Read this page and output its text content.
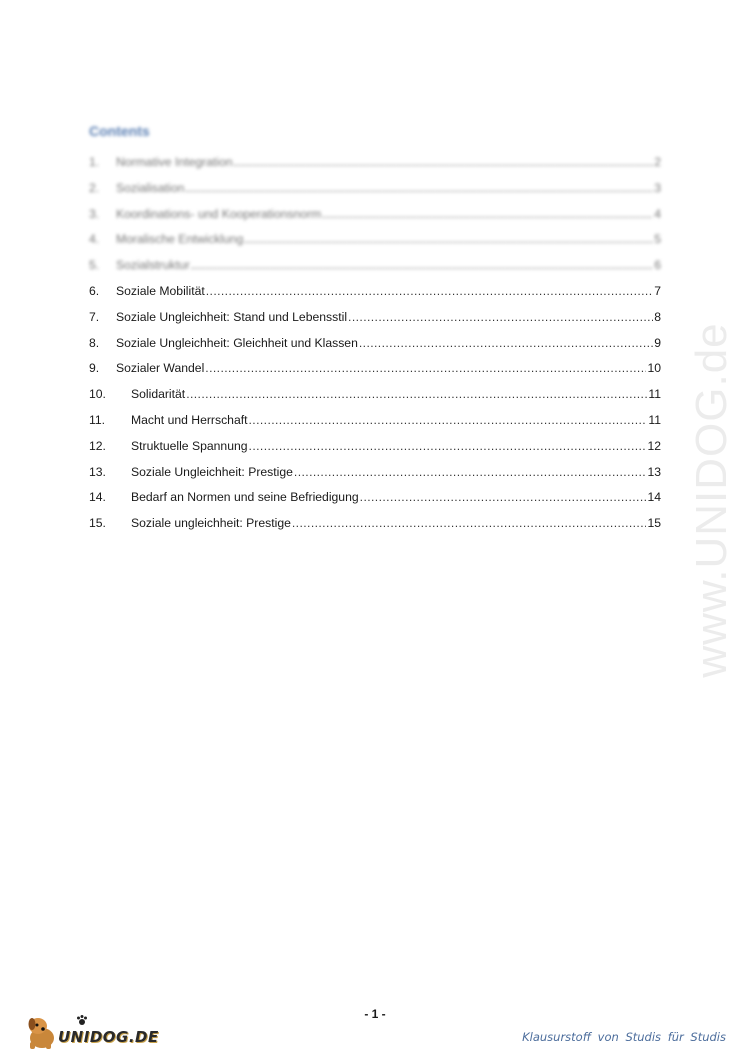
www.UNIDOG.de
Contents
1.	Normative Integration .....	2
2.	Sozialisation .....	3
3.	Koordinations- und Kooperationsnorm .....	4
4.	Moralische Entwicklung .....	5
5.	Sozialstruktur .....	6
6.	Soziale Mobilität .....	7
7.	Soziale Ungleichheit: Stand und Lebensstil .....	8
8.	Soziale Ungleichheit: Gleichheit und Klassen .....	9
9.	Sozialer Wandel .....	10
10.	Solidarität .....	11
11.	Macht und Herrschaft .....	11
12.	Struktuelle Spannung .....	12
13.	Soziale Ungleichheit: Prestige .....	13
14.	Bedarf an Normen und seine Befriedigung .....	14
15.	Soziale ungleichheit: Prestige .....	15
- 1 -
UNIDOG.DE	Klausurstoff von Studis für Studis
